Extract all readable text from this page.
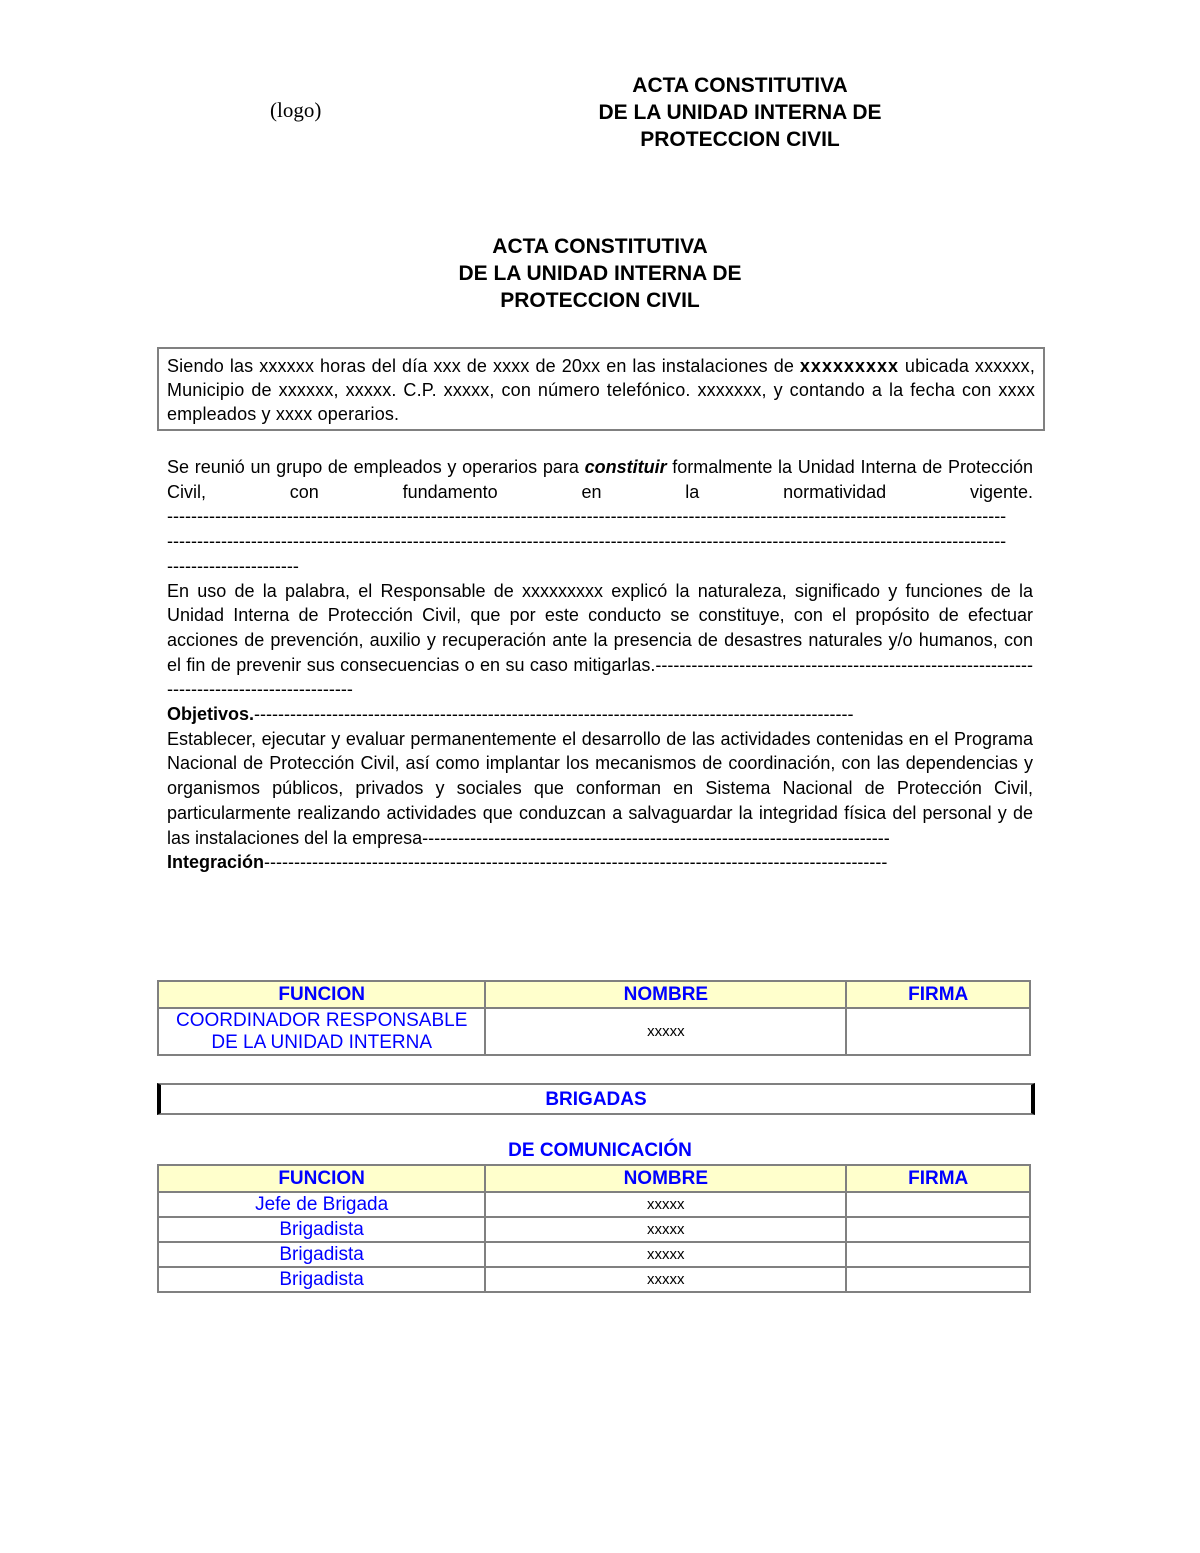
(logo)
ACTA CONSTITUTIVA
DE LA UNIDAD INTERNA DE
PROTECCION CIVIL
ACTA CONSTITUTIVA
DE LA UNIDAD INTERNA DE
PROTECCION CIVIL
Siendo las xxxxxx horas del día xxx de xxxx de 20xx en las instalaciones de xxxxxxxxx ubicada xxxxxx, Municipio de xxxxxx, xxxxx. C.P. xxxxx, con número telefónico. xxxxxxx, y contando a la fecha con xxxx empleados y xxxx operarios.

Se reunió un grupo de empleados y operarios para constituir formalmente la Unidad Interna de Protección Civil, con fundamento en la normatividad vigente.

--------------------------------------------------------------------------------------------------------------------------------------------
--------------------------------------------------------------------------------------------------------------------------------------------
----------------------

En uso de la palabra, el Responsable de xxxxxxxxx explicó la naturaleza, significado y funciones de la Unidad Interna de Protección Civil, que por este conducto se constituye, con el propósito de efectuar acciones de prevención, auxilio y recuperación ante la presencia de desastres naturales y/o humanos, con el fin de prevenir sus consecuencias o en su caso mitigarlas.----------------------------------------------------------------------------------------------

Objetivos.----------------------------------------------------------------------------------------------------

Establecer, ejecutar y evaluar permanentemente el desarrollo de las actividades contenidas en el Programa Nacional de Protección Civil, así como implantar los mecanismos de coordinación, con las dependencias y organismos públicos, privados y sociales que conforman en Sistema Nacional de Protección Civil, particularmente realizando actividades que conduzcan a salvaguardar la integridad física del personal y de las instalaciones del la empresa------------------------------------------------------------------------------

Integración--------------------------------------------------------------------------------------------------------

FUNCION	NOMBRE	FIRMA

COORDINADOR RESPONSABLE
DE LA UNIDAD INTERNA	xxxxx	
BRIGADAS
DE COMUNICACIÓN
FUNCION	NOMBRE	FIRMA
Jefe de Brigada	xxxxx	
Brigadista	xxxxx	
Brigadista	xxxxx	
Brigadista	xxxxx	
